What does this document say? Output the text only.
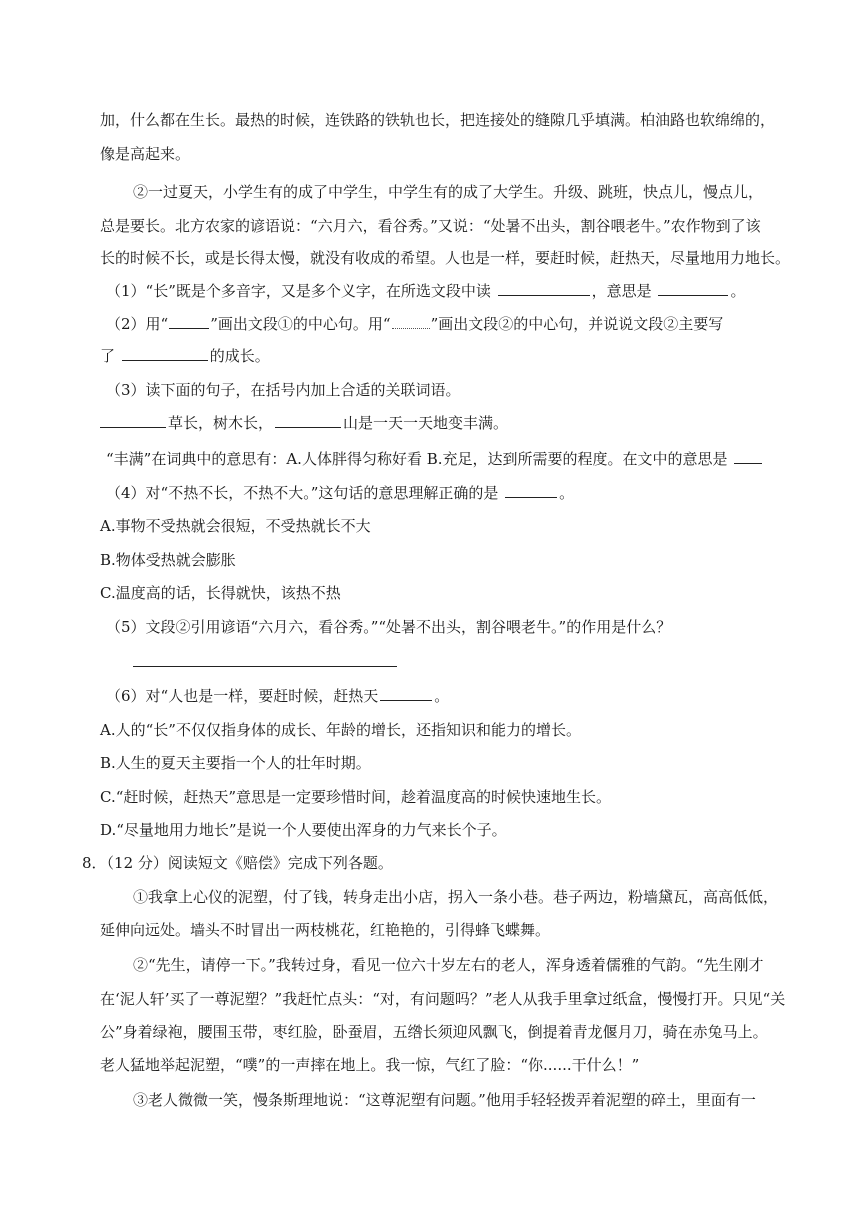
加，什么都在生长。最热的时候，连铁路的铁轨也长，把连接处的缝隙几乎填满。柏油路也软绵绵的，
像是高起来。
②一过夏天，小学生有的成了中学生，中学生有的成了大学生。升级、跳班，快点儿，慢点儿，
总是要长。北方农家的谚语说：“六月六，看谷秀。”又说：“处暑不出头，割谷喂老牛。”农作物到了该
长的时候不长，或是长得太慢，就没有收成的希望。人也是一样，要赶时候，赶热天，尽量地用力地长。
（1）“长”既是个多音字，又是多个义字，在所选文段中读	，意思是	。
（2）用“	”画出文段①的中心句。用“	”画出文段②的中心句，并说说文段②主要写
了	的成长。
（3）读下面的句子，在括号内加上合适的关联词语。
草长，树木长，	山是一天一天地变丰满。
“丰满”在词典中的意思有：A.人体胖得匀称好看 B.充足，达到所需要的程度。在文中的意思是
（4）对“不热不长，不热不大。”这句话的意思理解正确的是	。
A.事物不受热就会很短，不受热就长不大
B.物体受热就会膨胀
C.温度高的话，长得就快，该热不热
（5）文段②引用谚语“六月六，看谷秀。”“处暑不出头，割谷喂老牛。”的作用是什么？
（6）对“人也是一样，要赶时候，赶热天	。
A.人的“长”不仅仅指身体的成长、年龄的增长，还指知识和能力的增长。
B.人生的夏天主要指一个人的壮年时期。
C.“赶时候，赶热天”意思是一定要珍惜时间，趁着温度高的时候快速地生长。
D.“尽量地用力地长”是说一个人要使出浑身的力气来长个子。
8．（12 分）阅读短文《赔偿》完成下列各题。
①我拿上心仪的泥塑，付了钱，转身走出小店，拐入一条小巷。巷子两边，粉墙黛瓦，高高低低，
延伸向远处。墙头不时冒出一两枝桃花，红艳艳的，引得蜂飞蝶舞。
②“先生，请停一下。”我转过身，看见一位六十岁左右的老人，浑身透着儒雅的气韵。“先生刚才
在‘泥人轩’买了一尊泥塑？”我赶忙点头：“对，有问题吗？”老人从我手里拿过纸盒，慢慢打开。只见“关
公”身着绿袍，腰围玉带，枣红脸，卧蚕眉，五绺长须迎风飘飞，倒提着青龙偃月刀，骑在赤兔马上。
老人猛地举起泥塑，“噗”的一声摔在地上。我一惊，气红了脸：“你......干什么！”
③老人微微一笑，慢条斯理地说：“这尊泥塑有问题。”他用手轻轻拨弄着泥塑的碎土，里面有一
